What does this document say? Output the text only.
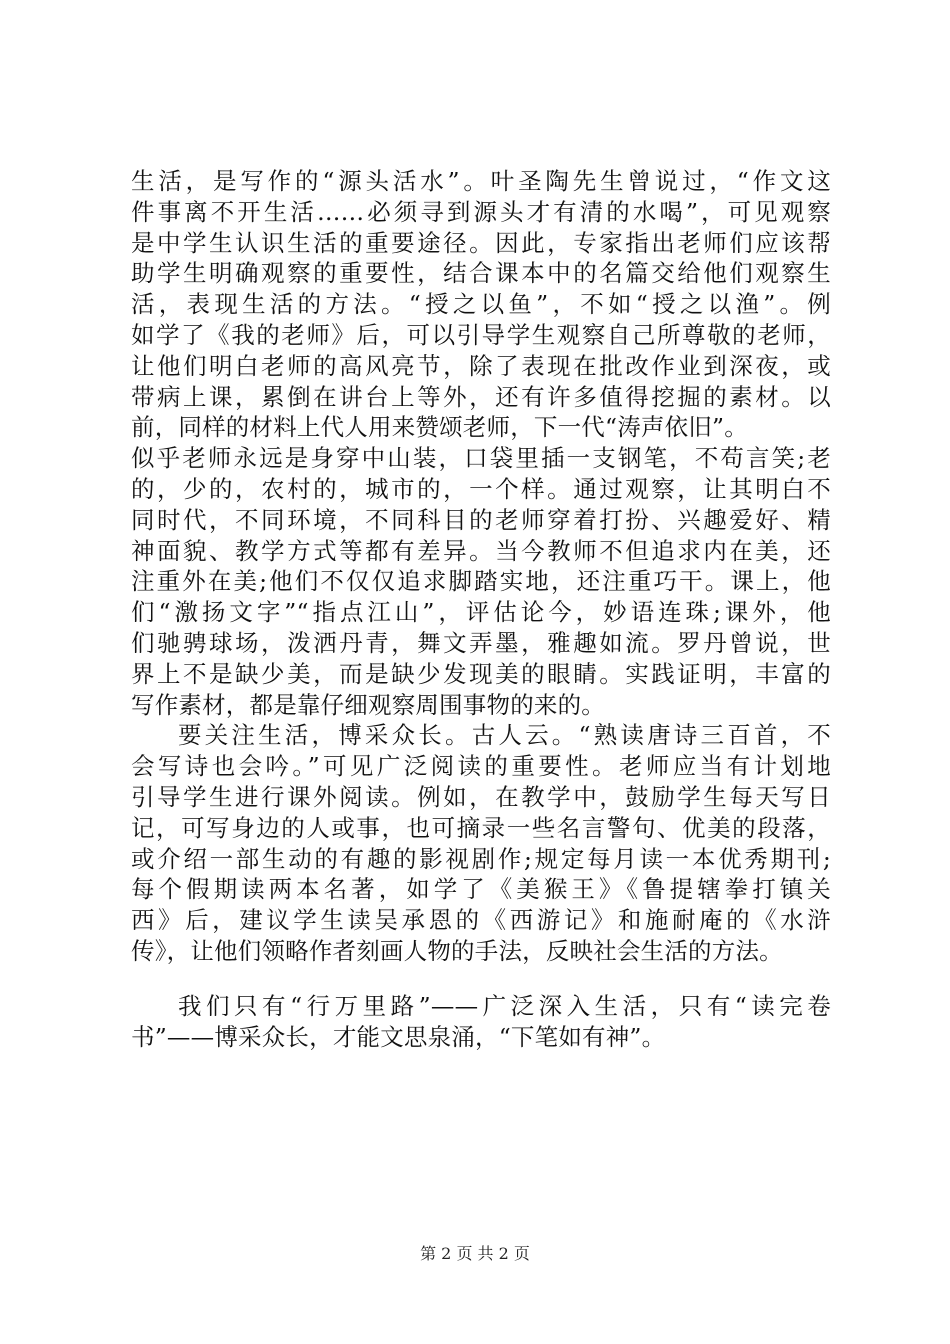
生活，是写作的“源头活水”。叶圣陶先生曾说过，“作文这
件事离不开生活……必须寻到源头才有清的水喝”，可见观察
是中学生认识生活的重要途径。因此，专家指出老师们应该帮
助学生明确观察的重要性，结合课本中的名篇交给他们观察生
活，表现生活的方法。“授之以鱼”，不如“授之以渔”。例
如学了《我的老师》后，可以引导学生观察自己所尊敬的老师，
让他们明白老师的高风亮节，除了表现在批改作业到深夜，或
带病上课，累倒在讲台上等外，还有许多值得挖掘的素材。以
前，同样的材料上代人用来赞颂老师，下一代“涛声依旧”。
似乎老师永远是身穿中山装，口袋里插一支钢笔，不苟言笑;老
的，少的，农村的，城市的，一个样。通过观察，让其明白不
同时代，不同环境，不同科目的老师穿着打扮、兴趣爱好、精
神面貌、教学方式等都有差异。当今教师不但追求内在美，还
注重外在美;他们不仅仅追求脚踏实地，还注重巧干。课上，他
们“激扬文字”“指点江山”，评估论今，妙语连珠;课外，他
们驰骋球场，泼洒丹青，舞文弄墨，雅趣如流。罗丹曾说，世
界上不是缺少美，而是缺少发现美的眼睛。实践证明，丰富的
写作素材，都是靠仔细观察周围事物的来的。
要关注生活，博采众长。古人云。“熟读唐诗三百首，不
会写诗也会吟。”可见广泛阅读的重要性。老师应当有计划地
引导学生进行课外阅读。例如，在教学中，鼓励学生每天写日
记，可写身边的人或事，也可摘录一些名言警句、优美的段落，
或介绍一部生动的有趣的影视剧作;规定每月读一本优秀期刊;
每个假期读两本名著，如学了《美猴王》《鲁提辖拳打镇关
西》后，建议学生读吴承恩的《西游记》和施耐庵的《水浒
传》，让他们领略作者刻画人物的手法，反映社会生活的方法。
我们只有“行万里路”——广泛深入生活，只有“读完卷
书”——博采众长，才能文思泉涌，“下笔如有神”。
第 2 页 共 2 页
